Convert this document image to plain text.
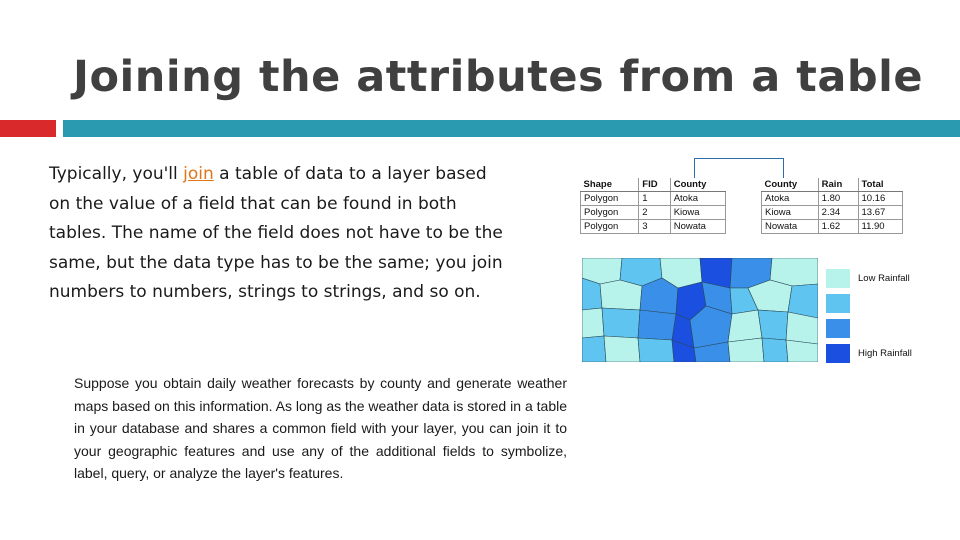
Joining the attributes from a table
Typically, you'll join a table of data to a layer based on the value of a field that can be found in both tables. The name of the field does not have to be the same, but the data type has to be the same; you join numbers to numbers, strings to strings, and so on.
Suppose you obtain daily weather forecasts by county and generate weather maps based on this information. As long as the weather data is stored in a table in your database and shares a common field with your layer, you can join it to your geographic features and use any of the additional fields to symbolize, label, query, or analyze the layer's features.
Shape	FID	County
Polygon	1	Atoka
Polygon	2	Kiowa
Polygon	3	Nowata
County	Rain	Total
Atoka	1.80	10.16
Kiowa	2.34	13.67
Nowata	1.62	11.90
Low Rainfall
High Rainfall
